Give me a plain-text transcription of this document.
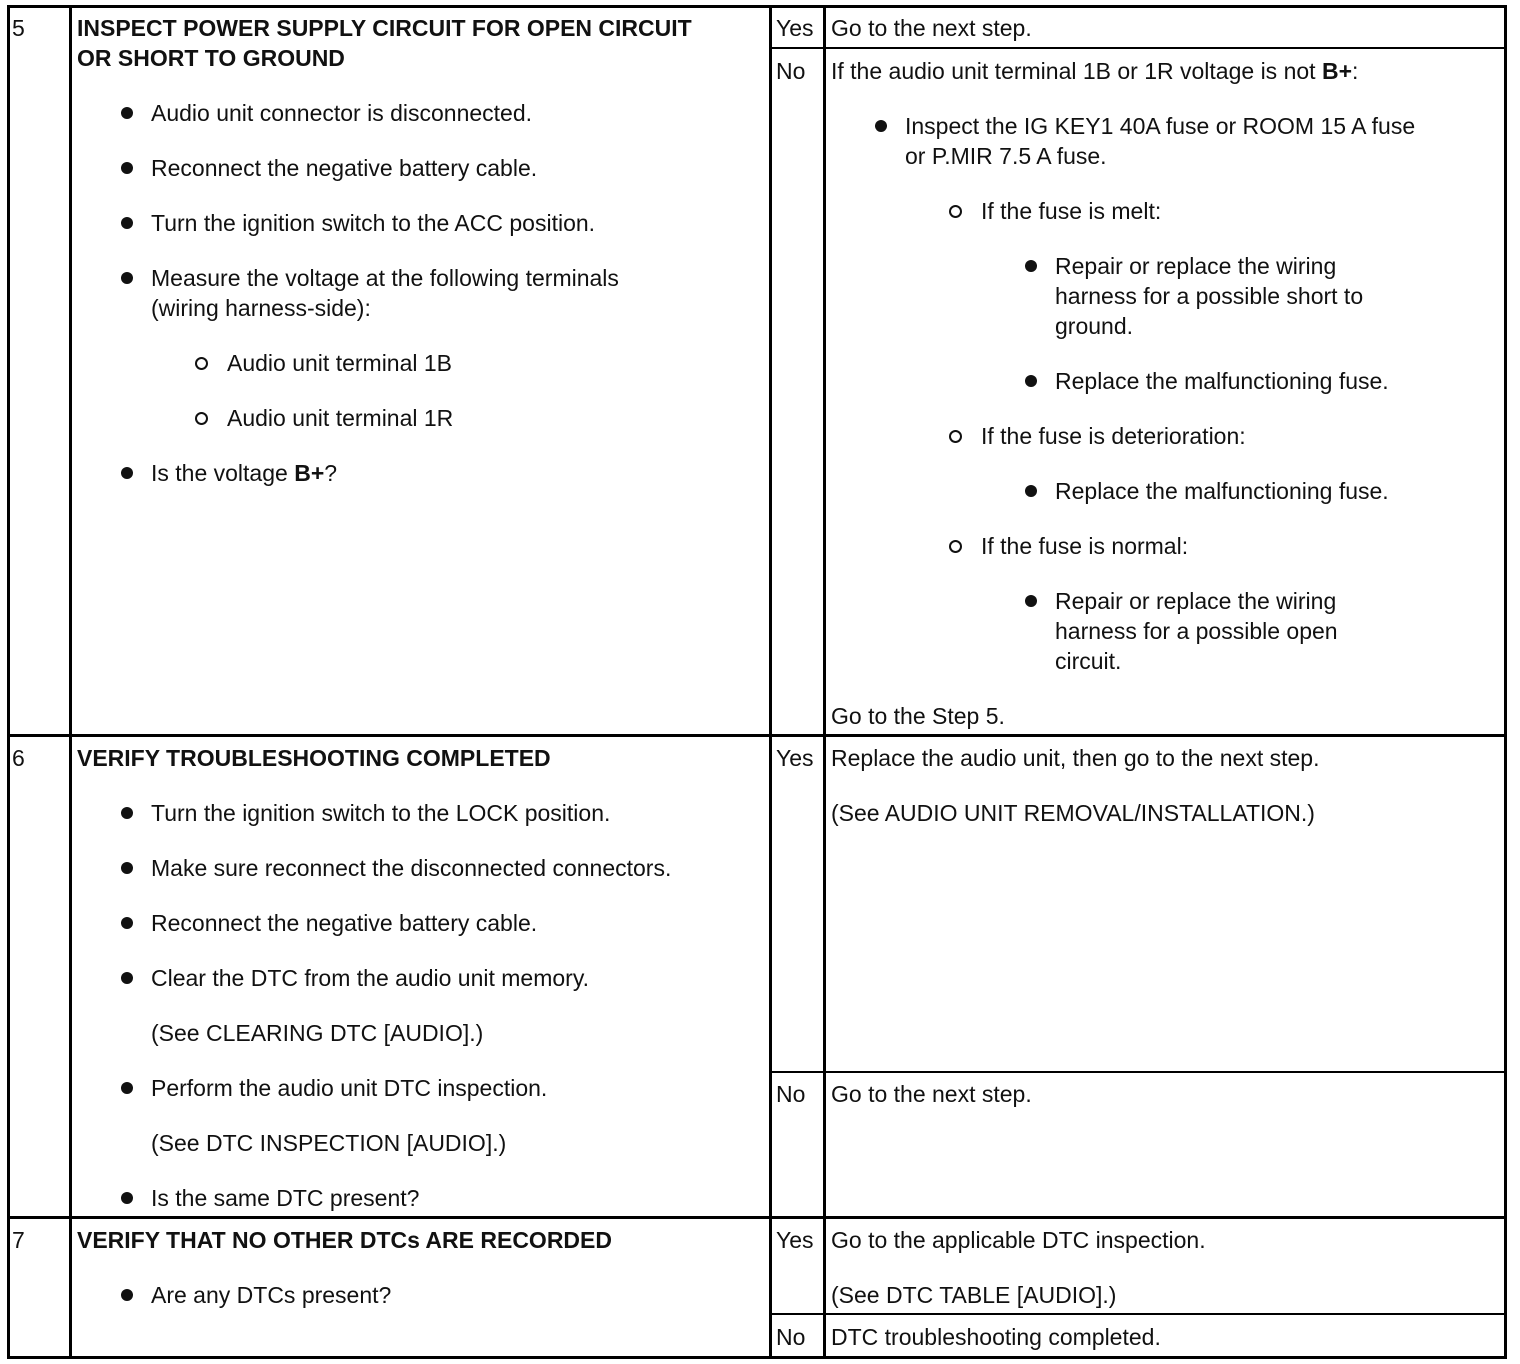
5 INSPECT POWER SUPPLY CIRCUIT FOR OPEN CIRCUIT
OR SHORT TO GROUND
Audio unit connector is disconnected.
Reconnect the negative battery cable.
Turn the ignition switch to the ACC position.
Measure the voltage at the following terminals
(wiring harness-side):
Audio unit terminal 1B
Audio unit terminal 1R
Is the voltage B+?
Yes Go to the next step.
No If the audio unit terminal 1B or 1R voltage is not B+:
Inspect the IG KEY1 40A fuse or ROOM 15 A fuse
or P.MIR 7.5 A fuse.
If the fuse is melt:
Repair or replace the wiring
harness for a possible short to
ground.
Replace the malfunctioning fuse.
If the fuse is deterioration:
Replace the malfunctioning fuse.
If the fuse is normal:
Repair or replace the wiring
harness for a possible open
circuit.
Go to the Step 5.
6 VERIFY TROUBLESHOOTING COMPLETED
Turn the ignition switch to the LOCK position.
Make sure reconnect the disconnected connectors.
Reconnect the negative battery cable.
Clear the DTC from the audio unit memory.
(See CLEARING DTC [AUDIO].)
Perform the audio unit DTC inspection.
(See DTC INSPECTION [AUDIO].)
Is the same DTC present?
Yes Replace the audio unit, then go to the next step.
(See AUDIO UNIT REMOVAL/INSTALLATION.)
No Go to the next step.
7 VERIFY THAT NO OTHER DTCs ARE RECORDED
Are any DTCs present?
Yes Go to the applicable DTC inspection.
(See DTC TABLE [AUDIO].)
No DTC troubleshooting completed.
